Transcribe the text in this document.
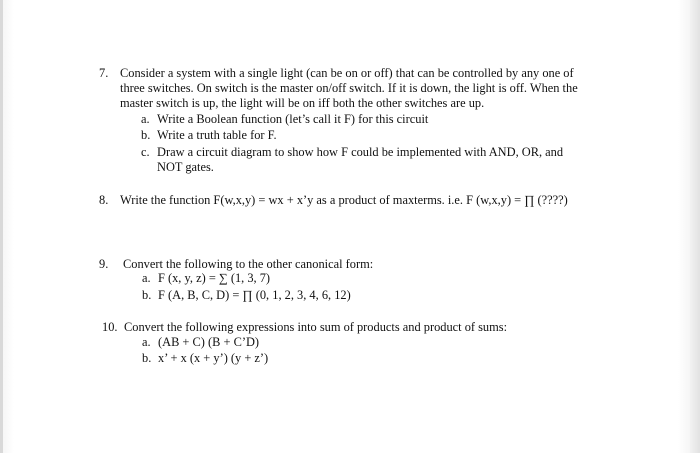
7. Consider a system with a single light (can be on or off) that can be controlled by any one of
three switches. On switch is the master on/off switch. If it is down, the light is off. When the
master switch is up, the light will be on iff both the other switches are up.
a. Write a Boolean function (let’s call it F) for this circuit
b. Write a truth table for F.
c. Draw a circuit diagram to show how F could be implemented with AND, OR, and
NOT gates.
8. Write the function F(w,x,y) = wx + x’y as a product of maxterms. i.e. F (w,x,y) = ∏ (????)
9. Convert the following to the other canonical form:
a. F (x, y, z) = ∑ (1, 3, 7)
b. F (A, B, C, D) = ∏ (0, 1, 2, 3, 4, 6, 12)
10. Convert the following expressions into sum of products and product of sums:
a. (AB + C) (B + C’D)
b. x’ + x (x + y’) (y + z’)
